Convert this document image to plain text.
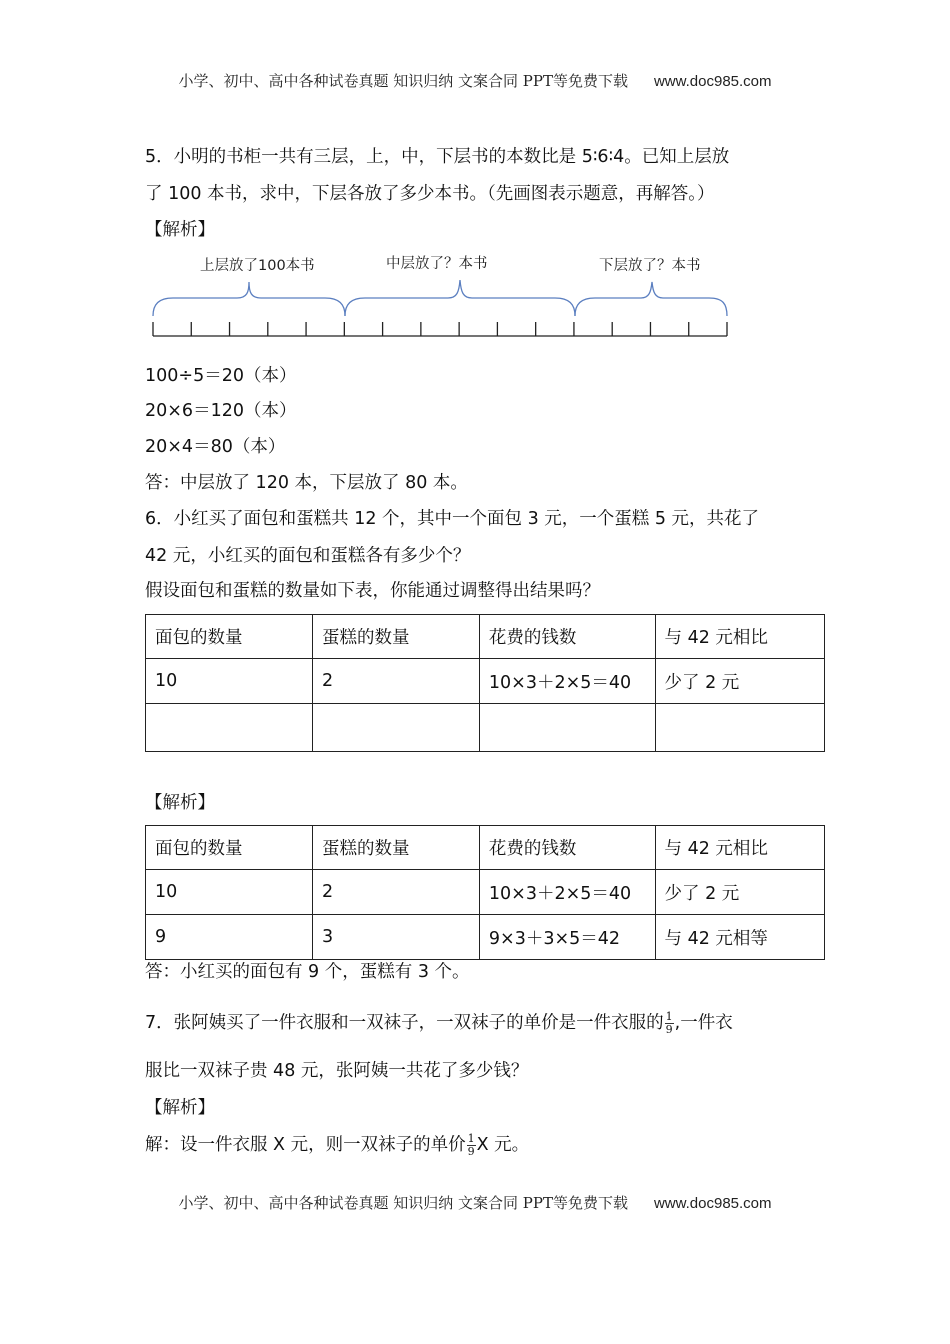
小学、初中、高中各种试卷真题 知识归纳 文案合同 PPT等免费下载 www.doc985.com
5．小明的书柜一共有三层，上，中，下层书的本数比是 5∶6∶4。已知上层放
了 100 本书，求中，下层各放了多少本书。（先画图表示题意，再解答。）
【解析】
上层放了100本书	中层放了？本书	下层放了？本书
100÷5＝20（本）
20×6＝120（本）
20×4＝80（本）
答：中层放了 120 本，下层放了 80 本。
6．小红买了面包和蛋糕共 12 个，其中一个面包 3 元，一个蛋糕 5 元，共花了
42 元，小红买的面包和蛋糕各有多少个？
假设面包和蛋糕的数量如下表，你能通过调整得出结果吗？
面包的数量	蛋糕的数量	花费的钱数	与 42 元相比
10	2	10×3＋2×5＝40	少了 2 元

【解析】
面包的数量	蛋糕的数量	花费的钱数	与 42 元相比
10	2	10×3＋2×5＝40	少了 2 元
9	3	9×3＋3×5＝42	与 42 元相等
答：小红买的面包有 9 个，蛋糕有 3 个。
7．张阿姨买了一件衣服和一双袜子，一双袜子的单价是一件衣服的 $\frac{1}{9}$ ,一件衣
服比一双袜子贵 48 元，张阿姨一共花了多少钱？
【解析】
解：设一件衣服 X 元，则一双袜子的单价 $\frac{1}{9}$ X 元。
小学、初中、高中各种试卷真题 知识归纳 文案合同 PPT等免费下载 www.doc985.com
